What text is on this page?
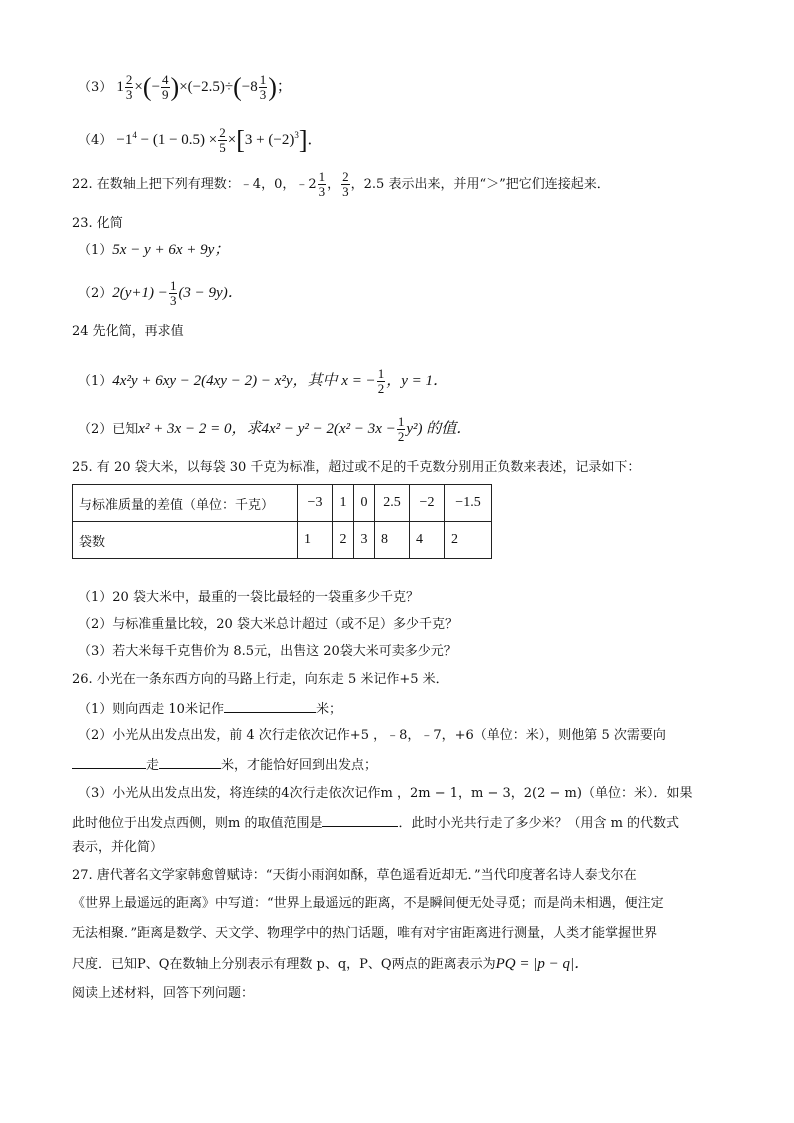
（3） $1 \frac{2}{3}$ ×(− $\frac{4}{9} )\times(-2.5)\div(-8 \frac{1}{3}$ )；
$(4) -1^4 - (1 - 0.5) \times \frac{2}{5} \times[3 + (-2)^3]$．
22. 在数轴上把下列有理数：﹣4，0，﹣2 $\frac{1}{3}$ ， $\frac{2}{3}$ ，2.5 表示出来，并用“＞”把它们连接起来．
23. 化简
（1）5x − y + 6x + 9y；
$(2)2(y+1) - \frac{1}{3} (3 - 9y)$．
24 先化简，再求值
（1）4x²y + 6xy − 2(4xy − 2) − x²y，其中 x = − $\frac{1}{2}$ ，y = 1．
（2）已知x² + 3x − 2 = 0，求$4x^2 - y^2 - 2(x^2 - 3x - \frac{1}{2} y^2)$ 的值．
25. 有 20 袋大米，以每袋 30 千克为标准，超过或不足的千克数分别用正负数来表述，记录如下：
与标准质量的差值（单位：千克）	−3	1	0	2.5	−2	−1.5
袋数	1	2	3	8	4	2
（1）20 袋大米中，最重的一袋比最轻的一袋重多少千克？
（2）与标准重量比较，20 袋大米总计超过（或不足）多少千克？
（3）若大米每千克售价为 8.5元，出售这 20袋大米可卖多少元？
26. 小光在一条东西方向的马路上行走，向东走 5 米记作+5 米．
（1）则向西走 10米记作	米；
（2）小光从出发点出发，前 4 次行走依次记作+5 ，﹣8，﹣7，+6（单位：米），则他第 5 次需要向
走	米，才能恰好回到出发点；
（3）小光从出发点出发，将连续的4次行走依次记作m ，2m − 1，m − 3，2(2 − m)（单位：米）．如果
此时他位于出发点西侧，则m 的取值范围是	．此时小光共行走了多少米？（用含 m 的代数式
表示，并化简）
27. 唐代著名文学家韩愈曾赋诗：“天街小雨润如酥，草色遥看近却无．”当代印度著名诗人泰戈尔在
《世界上最遥远的距离》中写道：“世界上最遥远的距离，不是瞬间便无处寻觅；而是尚未相遇，便注定
无法相聚．”距离是数学、天文学、物理学中的热门话题，唯有对宇宙距离进行测量，人类才能掌握世界
尺度．已知P、Q在数轴上分别表示有理数 p、q，P、Q两点的距离表示为PQ = |p − q|．
阅读上述材料，回答下列问题：
